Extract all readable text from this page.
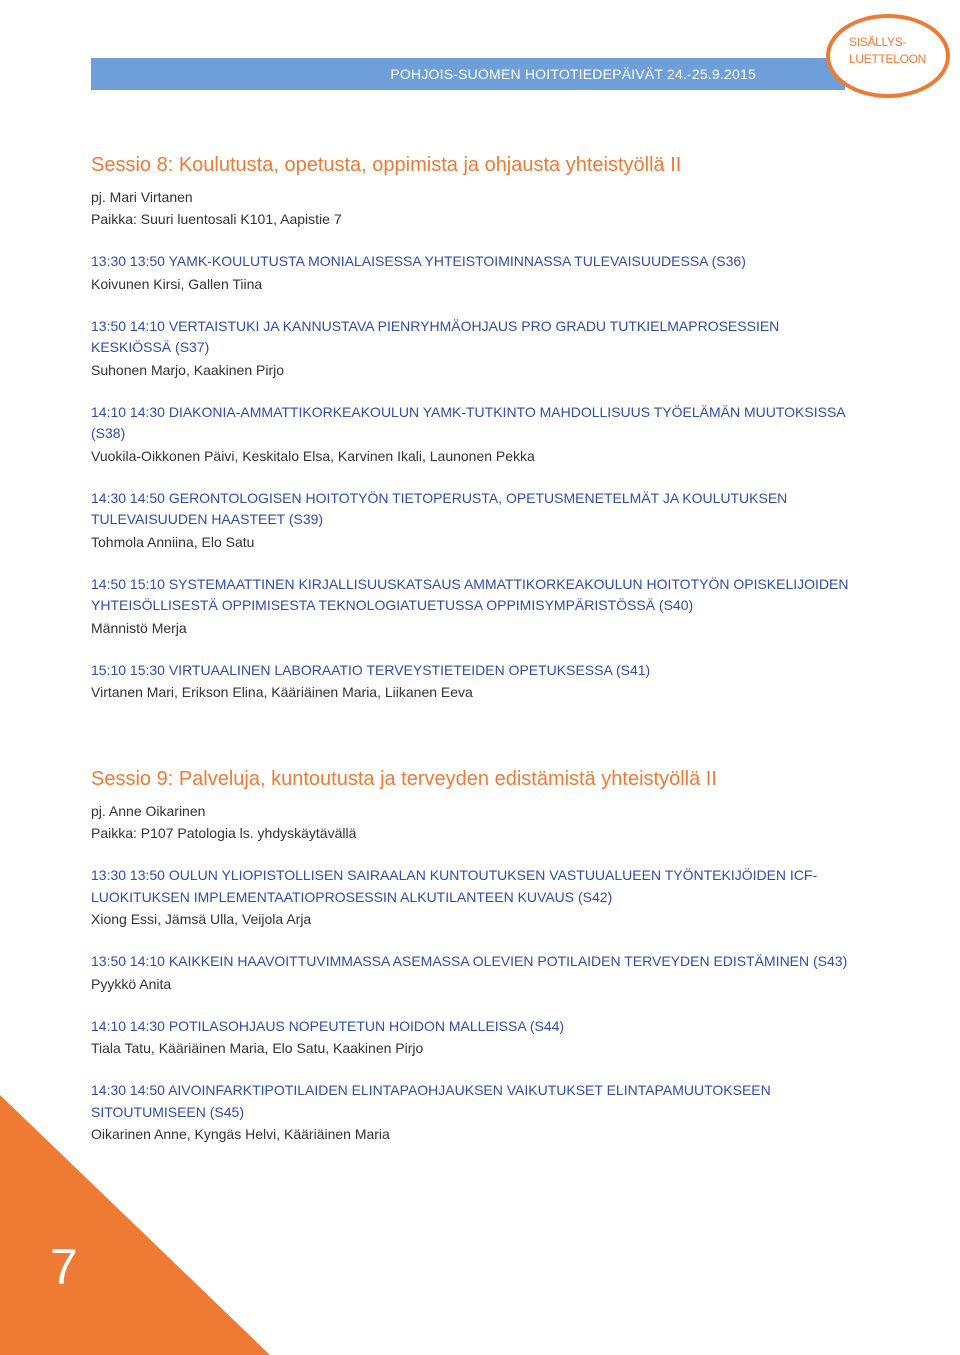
POHJOIS-SUOMEN HOITOTIEDEPÄIVÄT 24.-25.9.2015
SISÄLLYS-
LUETTELOON
Sessio 8: Koulutusta, opetusta, oppimista ja ohjausta yhteistyöllä II
pj. Mari Virtanen
Paikka: Suuri luentosali K101, Aapistie 7
13:30 13:50 YAMK-KOULUTUSTA MONIALAISESSA YHTEISTOIMINNASSA TULEVAISUUDESSA (S36)
Koivunen Kirsi, Gallen Tiina
13:50 14:10 VERTAISTUKI JA KANNUSTAVA PIENRYHMÄOHJAUS PRO GRADU TUTKIELMAPROSESSIEN KESKIÖSSÄ (S37)
Suhonen Marjo, Kaakinen Pirjo
14:10 14:30 DIAKONIA-AMMATTIKORKEAKOULUN YAMK-TUTKINTO MAHDOLLISUUS TYÖELÄMÄN MUUTOKSISSA (S38)
Vuokila-Oikkonen Päivi, Keskitalo Elsa, Karvinen Ikali, Launonen Pekka
14:30 14:50 GERONTOLOGISEN HOITOTYÖN TIETOPERUSTA, OPETUSMENETELMÄT JA KOULUTUKSEN TULEVAISUUDEN HAASTEET (S39)
Tohmola Anniina, Elo Satu
14:50 15:10 SYSTEMAATTINEN KIRJALLISUUSKATSAUS AMMATTIKORKEAKOULUN HOITOTYÖN OPISKELIJOIDEN YHTEISÖLLISESTÄ OPPIMISESTA TEKNOLOGIATUETUSSA OPPIMISYMPÄRISTÖSSÄ (S40)
Männistö Merja
15:10 15:30 VIRTUAALINEN LABORAATIO TERVEYSTIETEIDEN OPETUKSESSA (S41)
Virtanen Mari, Erikson Elina, Kääriäinen Maria, Liikanen Eeva
Sessio 9: Palveluja, kuntoutusta ja terveyden edistämistä yhteistyöllä II
pj. Anne Oikarinen
Paikka: P107 Patologia ls. yhdyskäytävällä
13:30 13:50 OULUN YLIOPISTOLLISEN SAIRAALAN KUNTOUTUKSEN VASTUUALUEEN TYÖNTEKIJÖIDEN ICF-LUOKITUKSEN IMPLEMENTAATIOPROSESSIN ALKUTILANTEEN KUVAUS (S42)
Xiong Essi, Jämsä Ulla, Veijola Arja
13:50 14:10 KAIKKEIN HAAVOITTUVIMMASSA ASEMASSA OLEVIEN POTILAIDEN TERVEYDEN EDISTÄMINEN (S43)
Pyykkö Anita
14:10 14:30 POTILASOHJAUS NOPEUTETUN HOIDON MALLEISSA (S44)
Tiala Tatu, Kääriäinen Maria, Elo Satu, Kaakinen Pirjo
14:30 14:50 AIVOINFARKTIPOTILAIDEN ELINTAPAOHJAUKSEN VAIKUTUKSET ELINTAPAMUUTOKSEEN SITOUTUMISEEN (S45)
Oikarinen Anne, Kyngäs Helvi, Kääriäinen Maria
7
